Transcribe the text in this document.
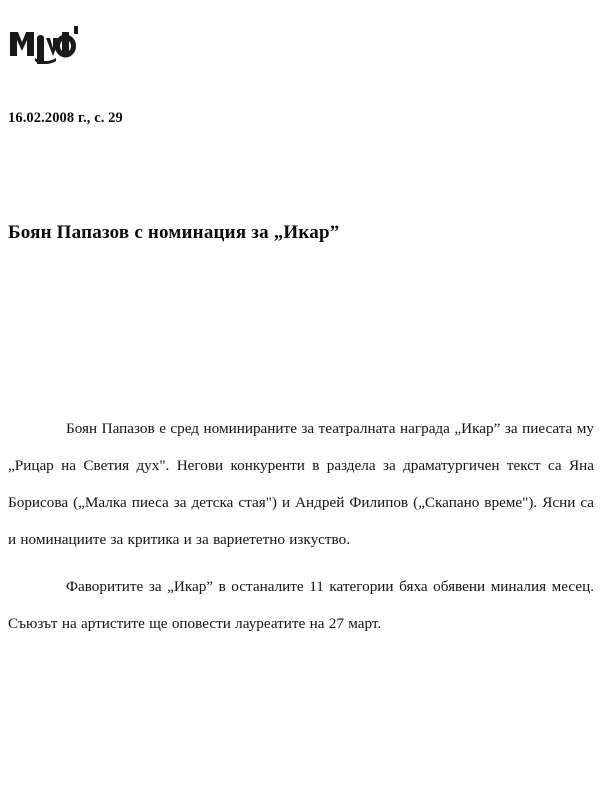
16.02.2008 г., с. 29
Боян Папазов с номинация за „Икар”

Боян Папазов е сред номинираните за театралната награда „Икар” за пиесата му „Рицар на Светия дух". Негови конкуренти в раздела за драматургичен текст са Яна Борисова („Малка пиеса за детска стая") и Андрей Филипов („Скапано време"). Ясни са и номинациите за критика и за вариететно изкуство.

Фаворитите за „Икар” в останалите 11 категории бяха обявени миналия месец. Съюзът на артистите ще оповести лауреатите на 27 март.
